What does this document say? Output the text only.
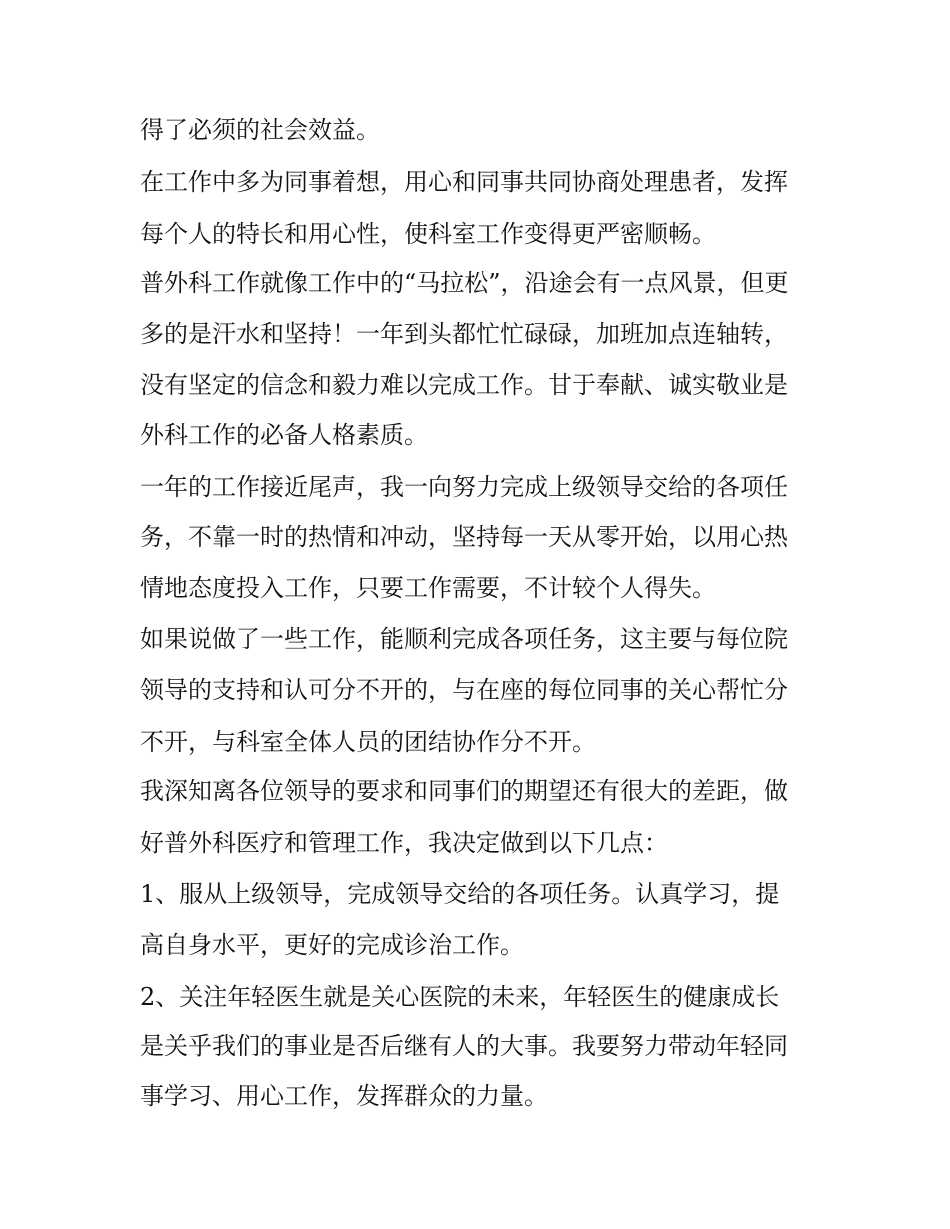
得了必须的社会效益。
在工作中多为同事着想，用心和同事共同协商处理患者，发挥
每个人的特长和用心性，使科室工作变得更严密顺畅。
普外科工作就像工作中的“马拉松”，沿途会有一点风景，但更
多的是汗水和坚持！一年到头都忙忙碌碌，加班加点连轴转，
没有坚定的信念和毅力难以完成工作。甘于奉献、诚实敬业是
外科工作的必备人格素质。
一年的工作接近尾声，我一向努力完成上级领导交给的各项任
务，不靠一时的热情和冲动，坚持每一天从零开始，以用心热
情地态度投入工作，只要工作需要，不计较个人得失。
如果说做了一些工作，能顺利完成各项任务，这主要与每位院
领导的支持和认可分不开的，与在座的每位同事的关心帮忙分
不开，与科室全体人员的团结协作分不开。
我深知离各位领导的要求和同事们的期望还有很大的差距，做
好普外科医疗和管理工作，我决定做到以下几点：
1、服从上级领导，完成领导交给的各项任务。认真学习，提
高自身水平，更好的完成诊治工作。
2、关注年轻医生就是关心医院的未来，年轻医生的健康成长
是关乎我们的事业是否后继有人的大事。我要努力带动年轻同
事学习、用心工作，发挥群众的力量。
